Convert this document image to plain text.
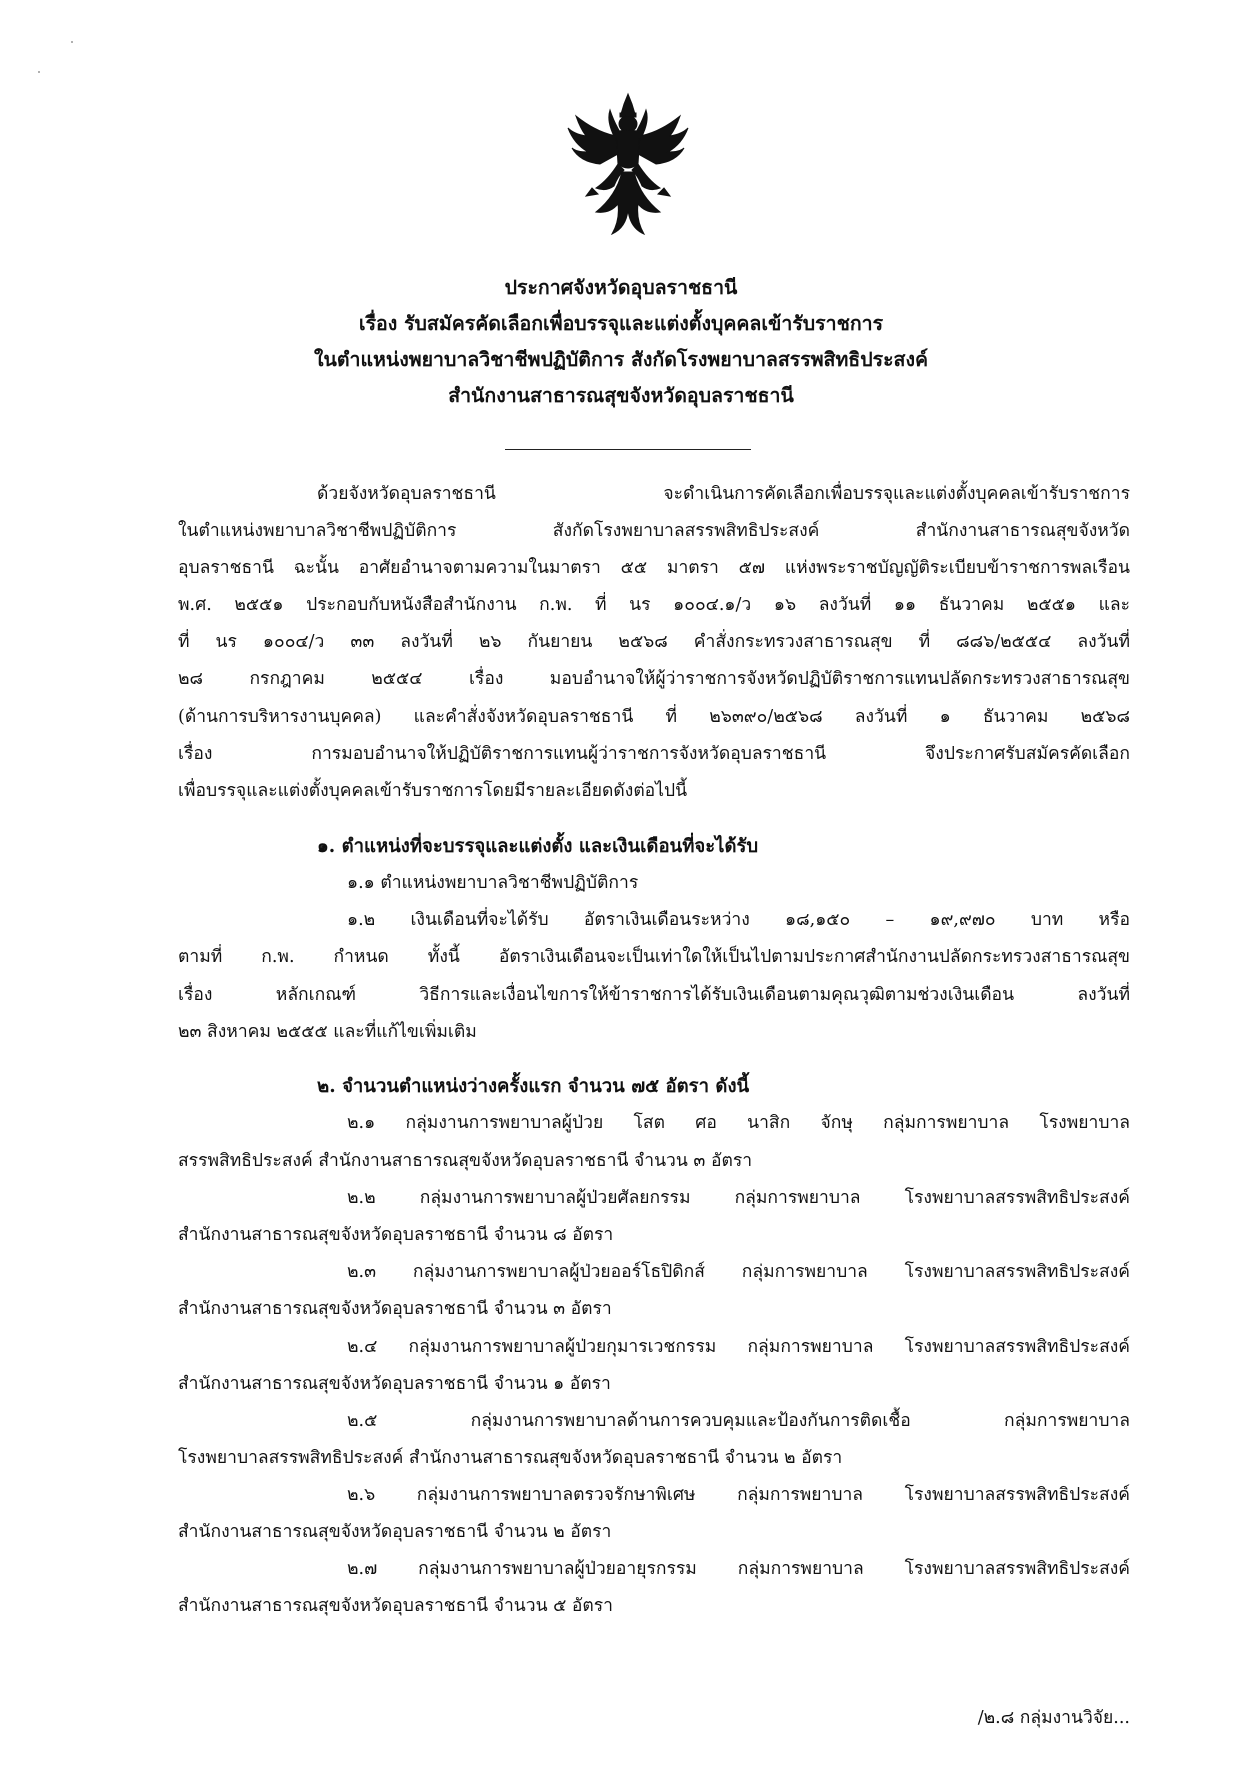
ประกาศจังหวัดอุบลราชธานี
เรื่อง รับสมัครคัดเลือกเพื่อบรรจุและแต่งตั้งบุคคลเข้ารับราชการ
ในตำแหน่งพยาบาลวิชาชีพปฏิบัติการ สังกัดโรงพยาบาลสรรพสิทธิประสงค์
สำนักงานสาธารณสุขจังหวัดอุบลราชธานี
ด้วยจังหวัดอุบลราชธานี จะดำเนินการคัดเลือกเพื่อบรรจุและแต่งตั้งบุคคลเข้ารับราชการ
ในตำแหน่งพยาบาลวิชาชีพปฏิบัติการ สังกัดโรงพยาบาลสรรพสิทธิประสงค์ สำนักงานสาธารณสุขจังหวัด
อุบลราชธานี ฉะนั้น อาศัยอำนาจตามความในมาตรา ๕๕ มาตรา ๕๗ แห่งพระราชบัญญัติระเบียบข้าราชการพลเรือน
พ.ศ. ๒๕๕๑ ประกอบกับหนังสือสำนักงาน ก.พ. ที่ นร ๑๐๐๔.๑/ว ๑๖ ลงวันที่ ๑๑ ธันวาคม ๒๕๕๑ และ
ที่ นร ๑๐๐๔/ว ๓๓ ลงวันที่ ๒๖ กันยายน ๒๕๖๘ คำสั่งกระทรวงสาธารณสุข ที่ ๘๘๖/๒๕๕๔ ลงวันที่
๒๘ กรกฎาคม ๒๕๕๔ เรื่อง มอบอำนาจให้ผู้ว่าราชการจังหวัดปฏิบัติราชการแทนปลัดกระทรวงสาธารณสุข
(ด้านการบริหารงานบุคคล) และคำสั่งจังหวัดอุบลราชธานี ที่ ๒๖๓๙๐/๒๕๖๘ ลงวันที่ ๑ ธันวาคม ๒๕๖๘
เรื่อง การมอบอำนาจให้ปฏิบัติราชการแทนผู้ว่าราชการจังหวัดอุบลราชธานี จึงประกาศรับสมัครคัดเลือก
เพื่อบรรจุและแต่งตั้งบุคคลเข้ารับราชการโดยมีรายละเอียดดังต่อไปนี้
๑. ตำแหน่งที่จะบรรจุและแต่งตั้ง และเงินเดือนที่จะได้รับ
๑.๑ ตำแหน่งพยาบาลวิชาชีพปฏิบัติการ
๑.๒ เงินเดือนที่จะได้รับ อัตราเงินเดือนระหว่าง ๑๘,๑๕๐ – ๑๙,๙๗๐ บาท หรือ
ตามที่ ก.พ. กำหนด ทั้งนี้ อัตราเงินเดือนจะเป็นเท่าใดให้เป็นไปตามประกาศสำนักงานปลัดกระทรวงสาธารณสุข
เรื่อง หลักเกณฑ์ วิธีการและเงื่อนไขการให้ข้าราชการได้รับเงินเดือนตามคุณวุฒิตามช่วงเงินเดือน ลงวันที่
๒๓ สิงหาคม ๒๕๕๕ และที่แก้ไขเพิ่มเติม
๒. จำนวนตำแหน่งว่างครั้งแรก จำนวน ๗๕ อัตรา ดังนี้
๒.๑ กลุ่มงานการพยาบาลผู้ป่วย โสต ศอ นาสิก จักษุ กลุ่มการพยาบาล โรงพยาบาล
สรรพสิทธิประสงค์ สำนักงานสาธารณสุขจังหวัดอุบลราชธานี จำนวน ๓ อัตรา
๒.๒ กลุ่มงานการพยาบาลผู้ป่วยศัลยกรรม กลุ่มการพยาบาล โรงพยาบาลสรรพสิทธิประสงค์
สำนักงานสาธารณสุขจังหวัดอุบลราชธานี จำนวน ๘ อัตรา
๒.๓ กลุ่มงานการพยาบาลผู้ป่วยออร์โธปิดิกส์ กลุ่มการพยาบาล โรงพยาบาลสรรพสิทธิประสงค์
สำนักงานสาธารณสุขจังหวัดอุบลราชธานี จำนวน ๓ อัตรา
๒.๔ กลุ่มงานการพยาบาลผู้ป่วยกุมารเวชกรรม กลุ่มการพยาบาล โรงพยาบาลสรรพสิทธิประสงค์
สำนักงานสาธารณสุขจังหวัดอุบลราชธานี จำนวน ๑ อัตรา
๒.๕ กลุ่มงานการพยาบาลด้านการควบคุมและป้องกันการติดเชื้อ กลุ่มการพยาบาล
โรงพยาบาลสรรพสิทธิประสงค์ สำนักงานสาธารณสุขจังหวัดอุบลราชธานี จำนวน ๒ อัตรา
๒.๖ กลุ่มงานการพยาบาลตรวจรักษาพิเศษ กลุ่มการพยาบาล โรงพยาบาลสรรพสิทธิประสงค์
สำนักงานสาธารณสุขจังหวัดอุบลราชธานี จำนวน ๒ อัตรา
๒.๗ กลุ่มงานการพยาบาลผู้ป่วยอายุรกรรม กลุ่มการพยาบาล โรงพยาบาลสรรพสิทธิประสงค์
สำนักงานสาธารณสุขจังหวัดอุบลราชธานี จำนวน ๕ อัตรา
/๒.๘ กลุ่มงานวิจัย...
